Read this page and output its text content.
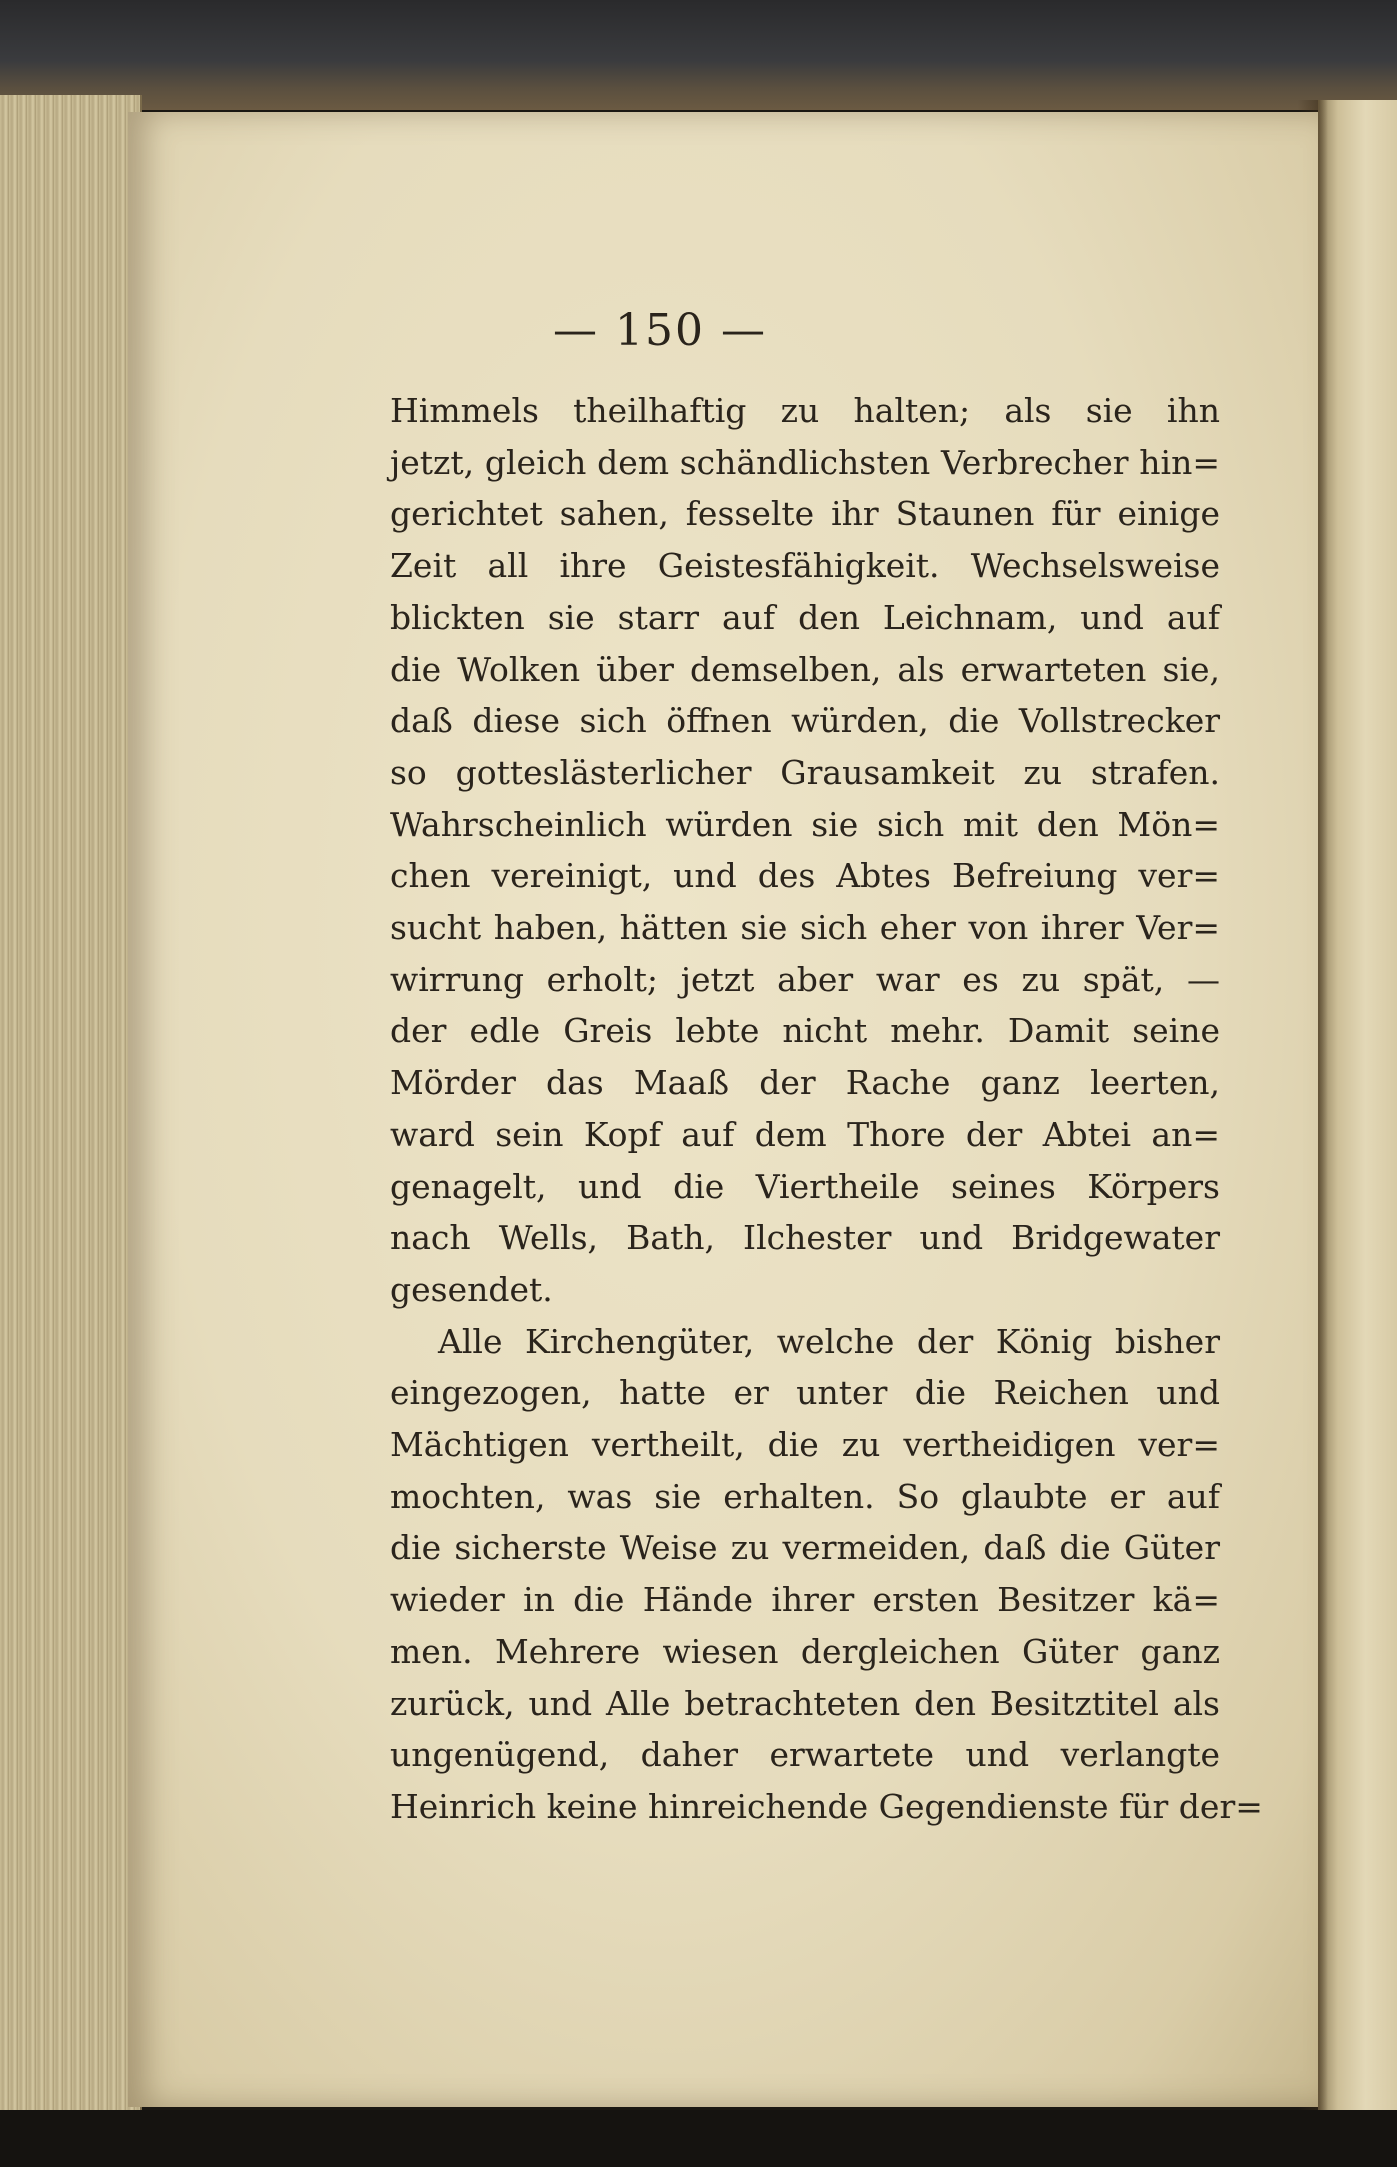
— 150 —

Himmels theilhaftig zu halten; als sie ihn
jetzt, gleich dem schändlichsten Verbrecher hin=
gerichtet sahen, fesselte ihr Staunen für einige
Zeit all ihre Geistesfähigkeit. Wechselsweise
blickten sie starr auf den Leichnam, und auf
die Wolken über demselben, als erwarteten sie,
daß diese sich öffnen würden, die Vollstrecker
so gotteslästerlicher Grausamkeit zu strafen.
Wahrscheinlich würden sie sich mit den Mön=
chen vereinigt, und des Abtes Befreiung ver=
sucht haben, hätten sie sich eher von ihrer Ver=
wirrung erholt; jetzt aber war es zu spät, —
der edle Greis lebte nicht mehr. Damit seine
Mörder das Maaß der Rache ganz leerten,
ward sein Kopf auf dem Thore der Abtei an=
genagelt, und die Viertheile seines Körpers
nach Wells, Bath, Ilchester und Bridgewater
gesendet.
Alle Kirchengüter, welche der König bisher
eingezogen, hatte er unter die Reichen und
Mächtigen vertheilt, die zu vertheidigen ver=
mochten, was sie erhalten. So glaubte er auf
die sicherste Weise zu vermeiden, daß die Güter
wieder in die Hände ihrer ersten Besitzer kä=
men. Mehrere wiesen dergleichen Güter ganz
zurück, und Alle betrachteten den Besitztitel als
ungenügend, daher erwartete und verlangte
Heinrich keine hinreichende Gegendienste für der=
